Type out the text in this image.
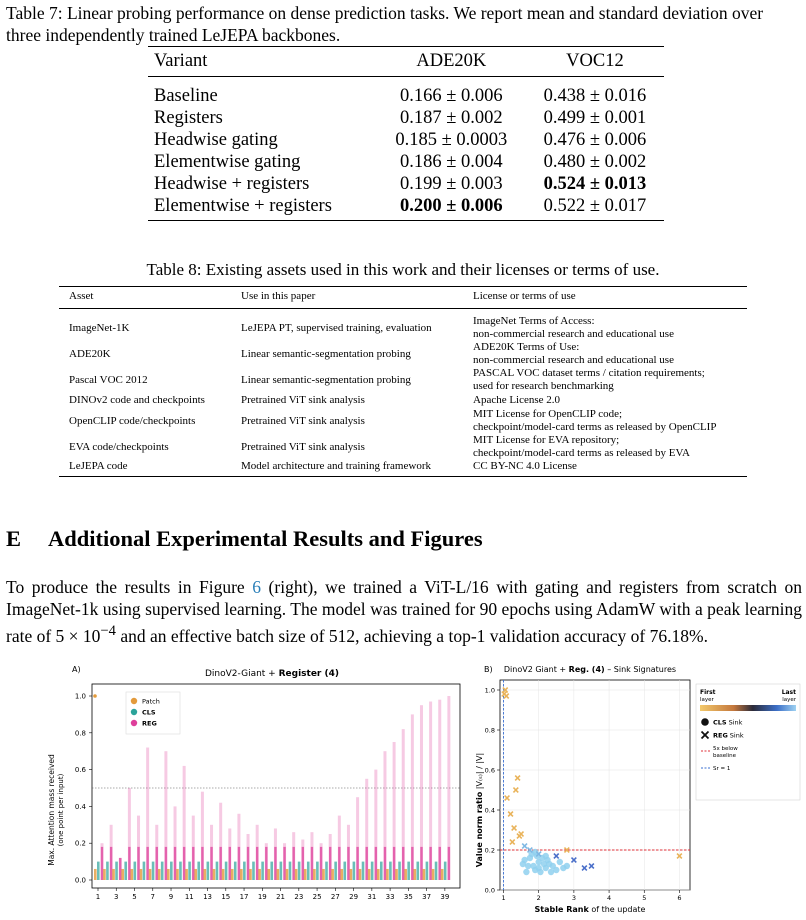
Table 7: Linear probing performance on dense prediction tasks. We report mean and standard deviation over three independently trained LeJEPA backbones.
Variant	ADE20K	VOC12
Baseline	0.166 ± 0.006	0.438 ± 0.016
Registers	0.187 ± 0.002	0.499 ± 0.001
Headwise gating	0.185 ± 0.0003	0.476 ± 0.006
Elementwise gating	0.186 ± 0.004	0.480 ± 0.002
Headwise + registers	0.199 ± 0.003	0.524 ± 0.013
Elementwise + registers	0.200 ± 0.006	0.522 ± 0.017
Table 8: Existing assets used in this work and their licenses or terms of use.
Asset	Use in this paper	License or terms of use
ImageNet-1K	LeJEPA PT, supervised training, evaluation	ImageNet Terms of Access:
non-commercial research and educational use

ADE20K	Linear semantic-segmentation probing	ADE20K Terms of Use:
non-commercial research and educational use

Pascal VOC 2012	Linear semantic-segmentation probing	PASCAL VOC dataset terms / citation requirements;
used for research benchmarking

DINOv2 code and checkpoints	Pretrained ViT sink analysis	Apache License 2.0
OpenCLIP code/checkpoints	Pretrained ViT sink analysis	MIT License for OpenCLIP code;
checkpoint/model-card terms as released by OpenCLIP

EVA code/checkpoints	Pretrained ViT sink analysis	MIT License for EVA repository;
checkpoint/model-card terms as released by EVA

LeJEPA code	Model architecture and training framework	CC BY-NC 4.0 License
E Additional Experimental Results and Figures
To produce the results in Figure 6 (right), we trained a ViT-L/16 with gating and registers from scratch on ImageNet-1k using supervised learning. The model was trained for 90 epochs using AdamW with a peak learning rate of $5 \times 10^{-4}$ and an effective batch size of 512, achieving a top-1 validation accuracy of 76.18%.
A)	DinoV2-Giant + Register (4)
Max. Attention mass received (one point per input)
0.0
0.2
0.4
0.6
0.8
1.0
1 3 5 7 9 11 13 15 17 19 21 23 25 27 29 31 33 35 37 39
Patch
CLS
REG
B) DinoV2 Giant + Reg. (4) – Sink Signatures
Value norm ratio |V₍ₛ₎| / |V|
Stable Rank of the update
0.0
0.2
0.4
0.6
0.8
1.0
1	2	3	4	5	6
First
layer
Last
layer
CLS Sink
REG Sink
5x below
baseline
Sr = 1
